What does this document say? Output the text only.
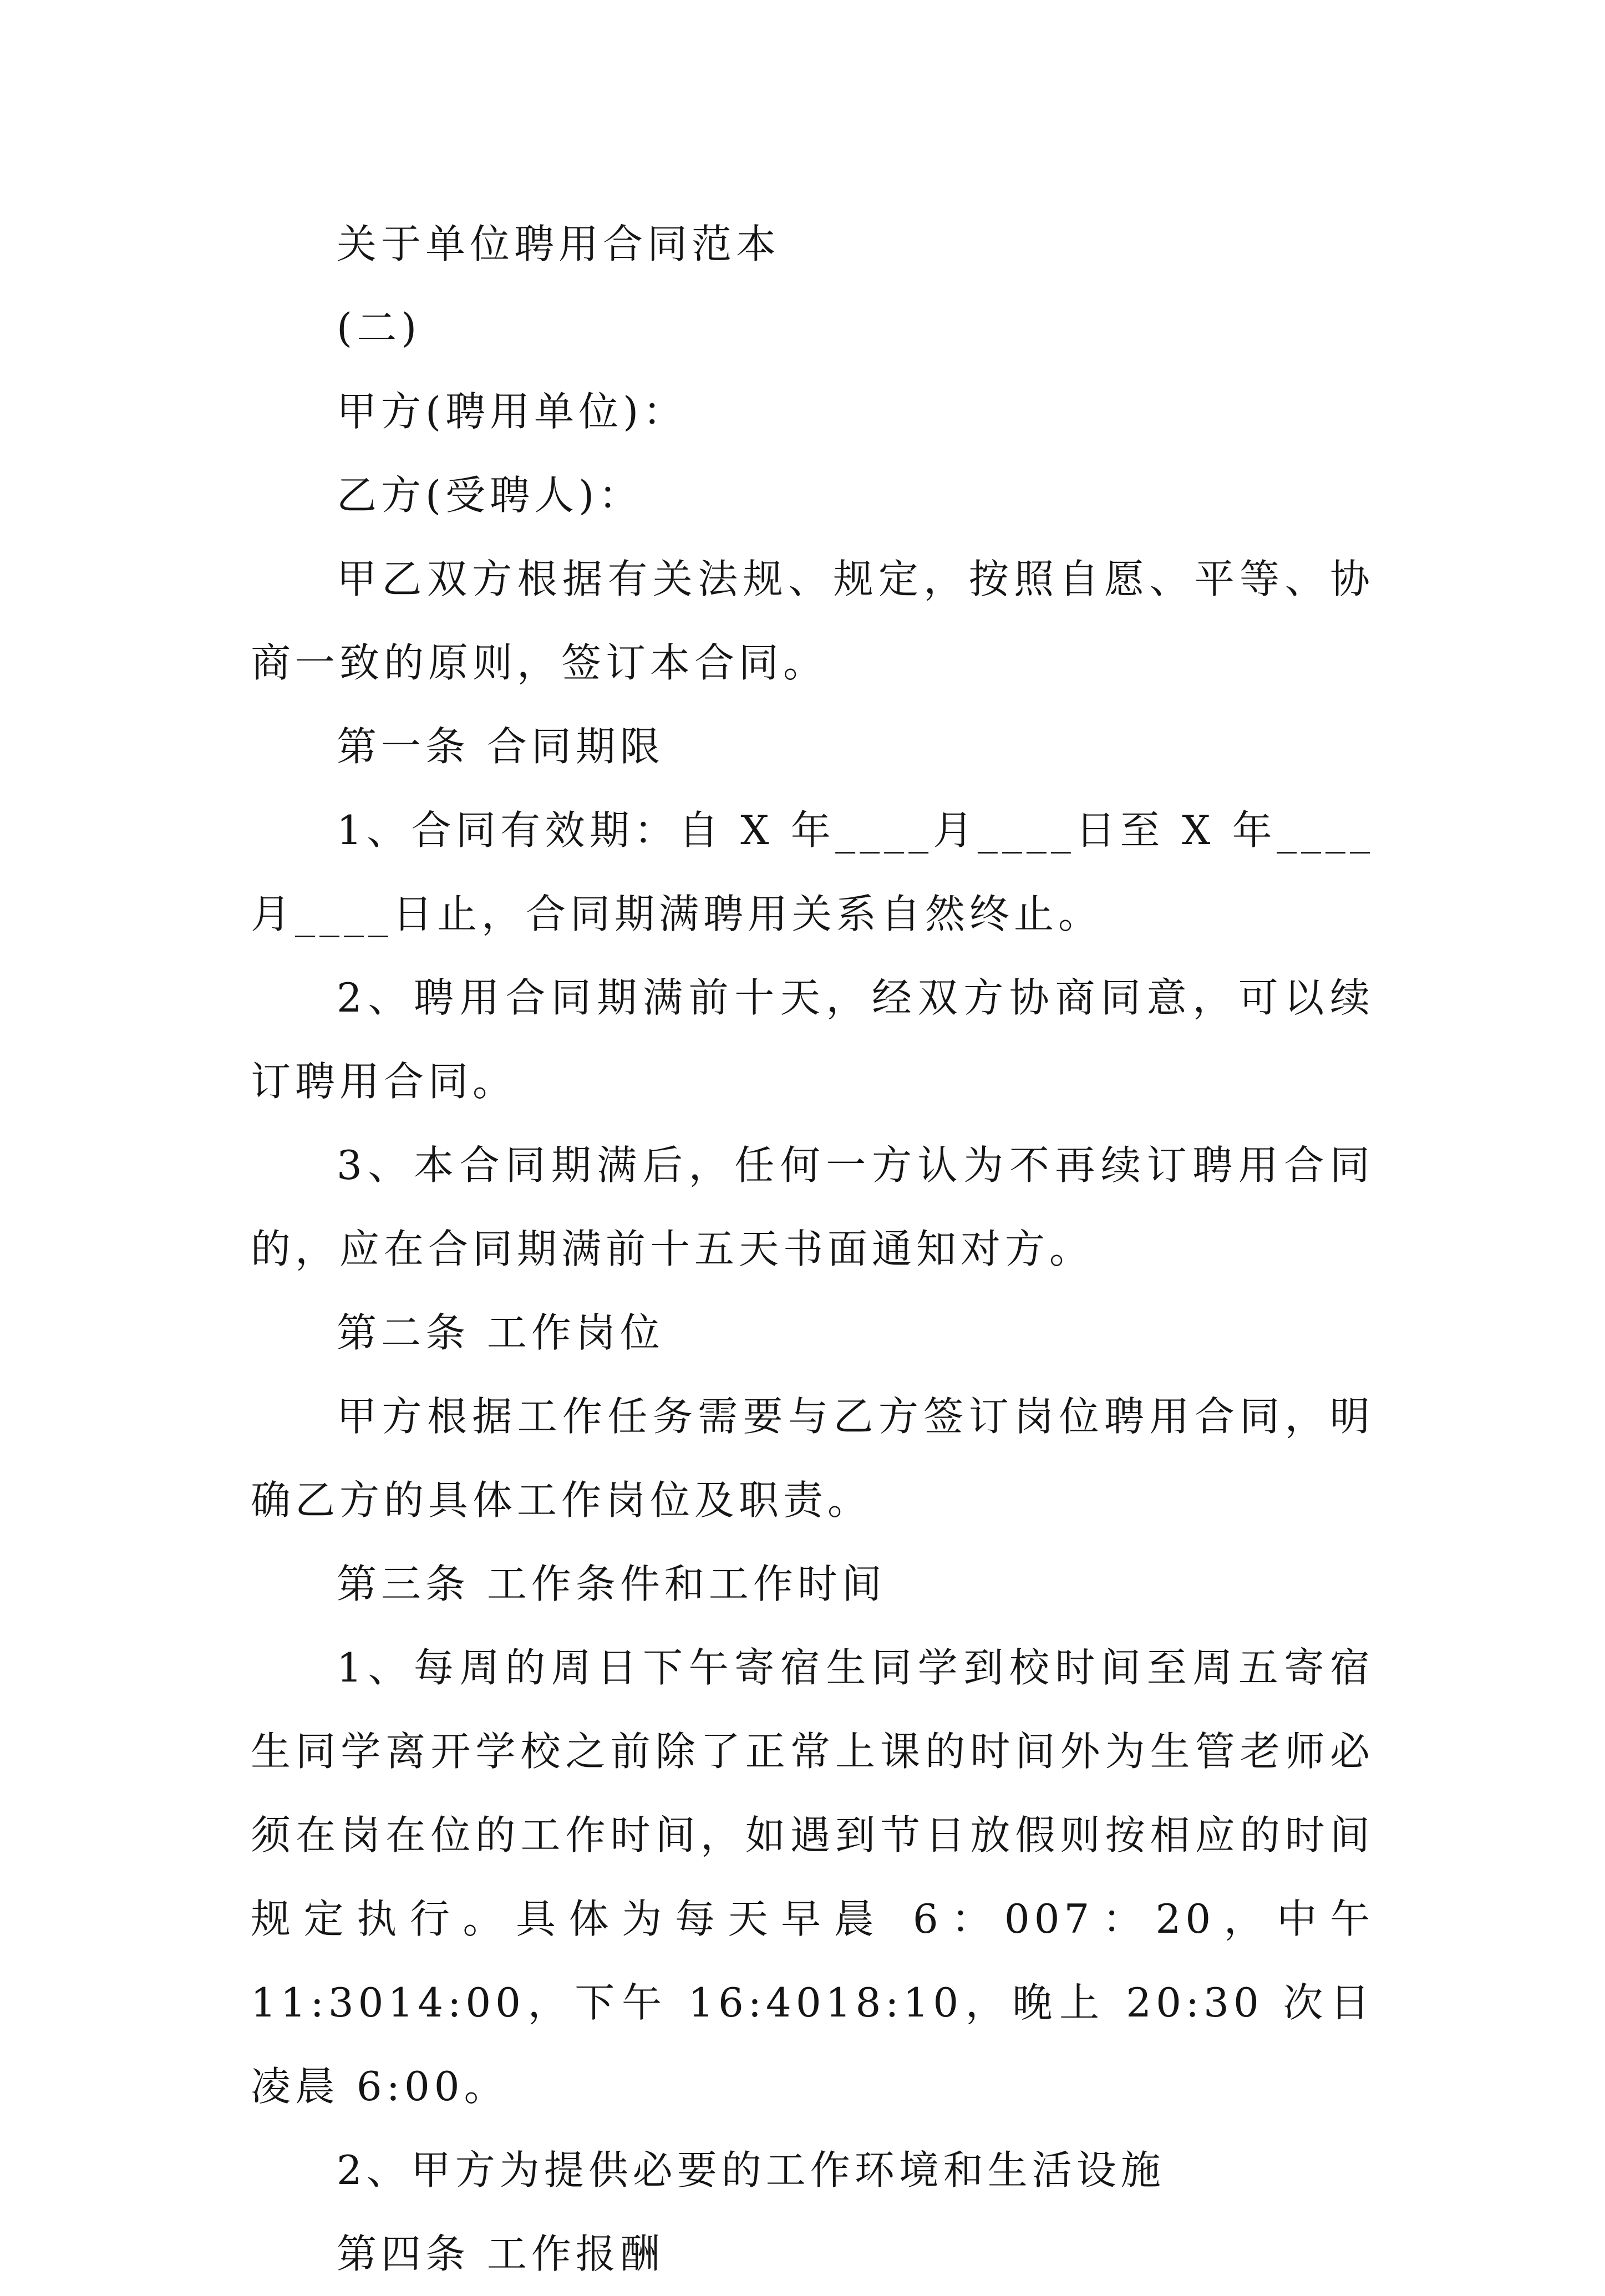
关于单位聘用合同范本

(二)

甲方(聘用单位)：

乙方(受聘人)：

甲乙双方根据有关法规、规定，按照自愿、平等、协商一致的原则，签订本合同。

第一条 合同期限

1、合同有效期：自 X 年____月____日至 X 年____月____日止，合同期满聘用关系自然终止。

2、聘用合同期满前十天，经双方协商同意，可以续订聘用合同。

3、本合同期满后，任何一方认为不再续订聘用合同的，应在合同期满前十五天书面通知对方。

第二条 工作岗位

甲方根据工作任务需要与乙方签订岗位聘用合同，明确乙方的具体工作岗位及职责。

第三条 工作条件和工作时间

1、每周的周日下午寄宿生同学到校时间至周五寄宿生同学离开学校之前除了正常上课的时间外为生管老师必须在岗在位的工作时间，如遇到节日放假则按相应的时间规定执行。具体为每天早晨 6：007：20，中午 11:3014:00，下午 16:4018:10，晚上 20:30 次日凌晨 6:00。

2、甲方为提供必要的工作环境和生活设施

第四条 工作报酬
